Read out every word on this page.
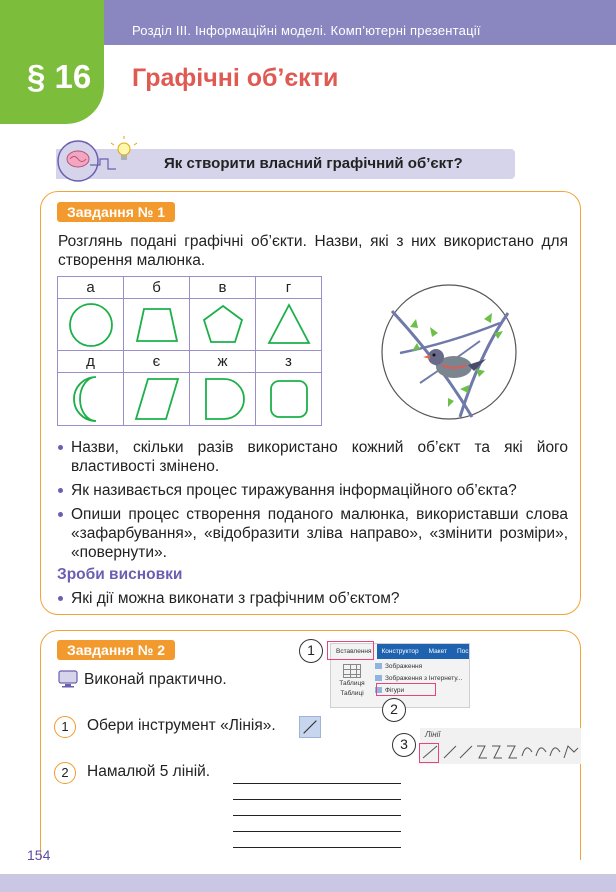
Розділ ІІІ. Інформаційні моделі. Комп’ютерні презентації
§ 16 Графічні об’єкти
Як створити власний графічний об’єкт?
Завдання № 1
Розглянь подані графічні об’єкти. Назви, які з них використано для створення малюнка.
а	б	в	г

д	є	ж	з

Назви, скільки разів використано кожний об’єкт та які його властивості змінено.
Як називається процес тиражування інформаційного об’єкта?
Опиши процес створення поданого малюнка, використавши слова «зафарбування», «відобразити зліва направо», «змінити розміри», «повернути».
Зроби висновки
Які дії можна виконати з графічним об’єктом?
Завдання № 2
Виконай практично.
1	Обери інструмент «Лінія».
2	Намалюй 5 ліній.
Вставлення	Конструктор	Макет	Пос
Таблиця
Таблиці
Зображення
Зображення з Інтернету...
Фігури
Лінії
1
2
3
154
